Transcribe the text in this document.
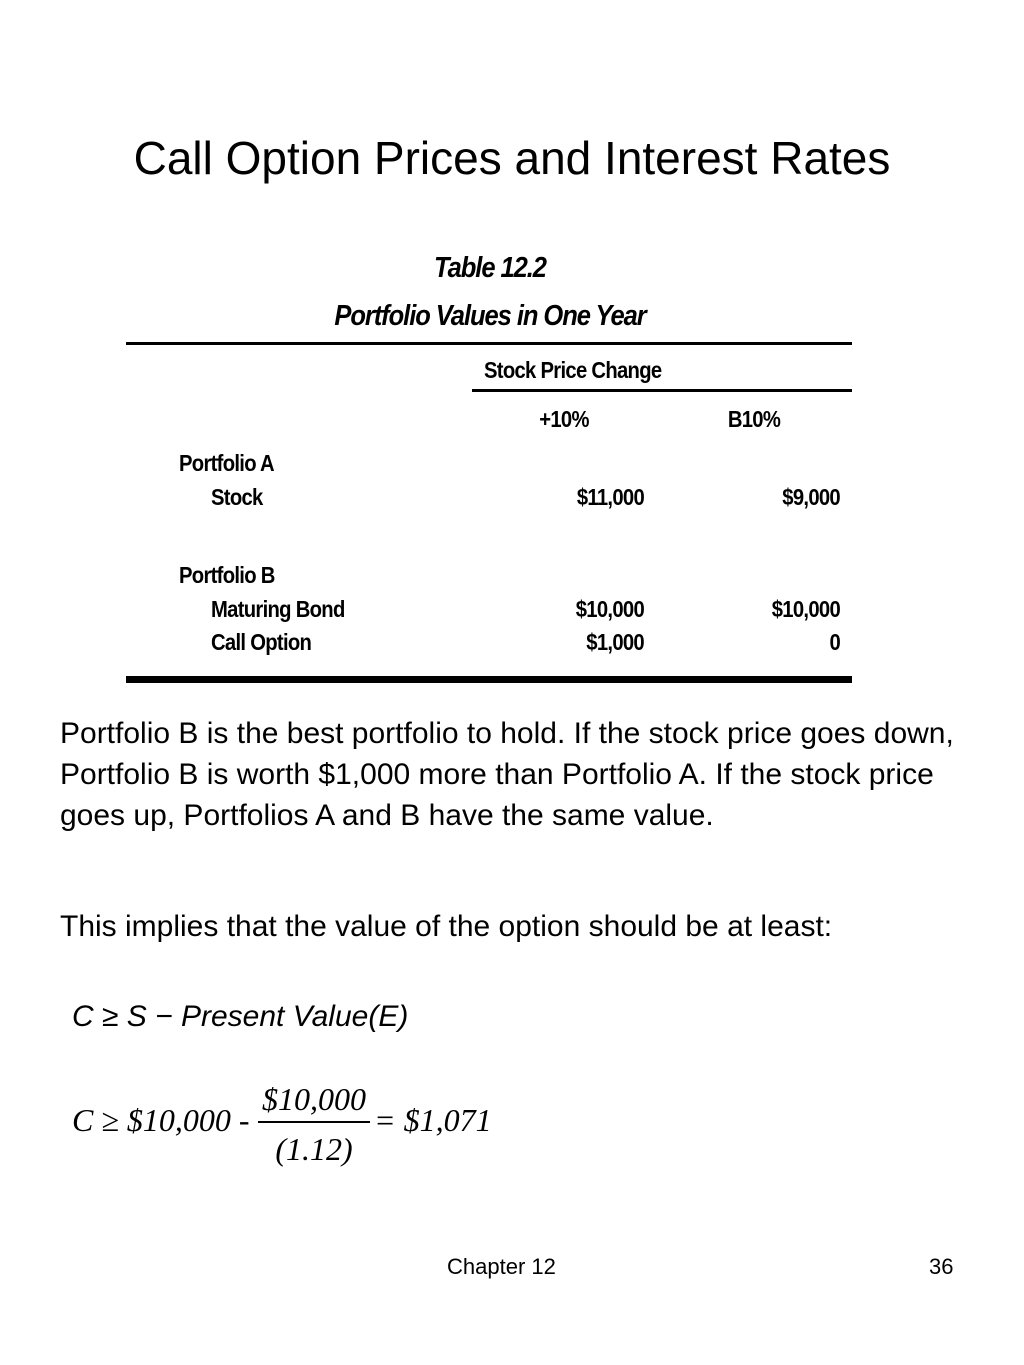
Call Option Prices and Interest Rates
Table 12.2
Portfolio Values in One Year
Stock Price Change
+10%	B10%
Portfolio A
Stock	$11,000	$9,000
Portfolio B
Maturing Bond	$10,000	$10,000
Call Option	$1,000	0
Portfolio B is the best portfolio to hold. If the stock price goes down, Portfolio B is worth $1,000 more than Portfolio A. If the stock price goes up, Portfolios A and B have the same value.
This implies that the value of the option should be at least:
C ≥ S − Present Value(E)
C ≥ $10,000 -
$10,000
(1.12)
= $1,071
Chapter 12	36
